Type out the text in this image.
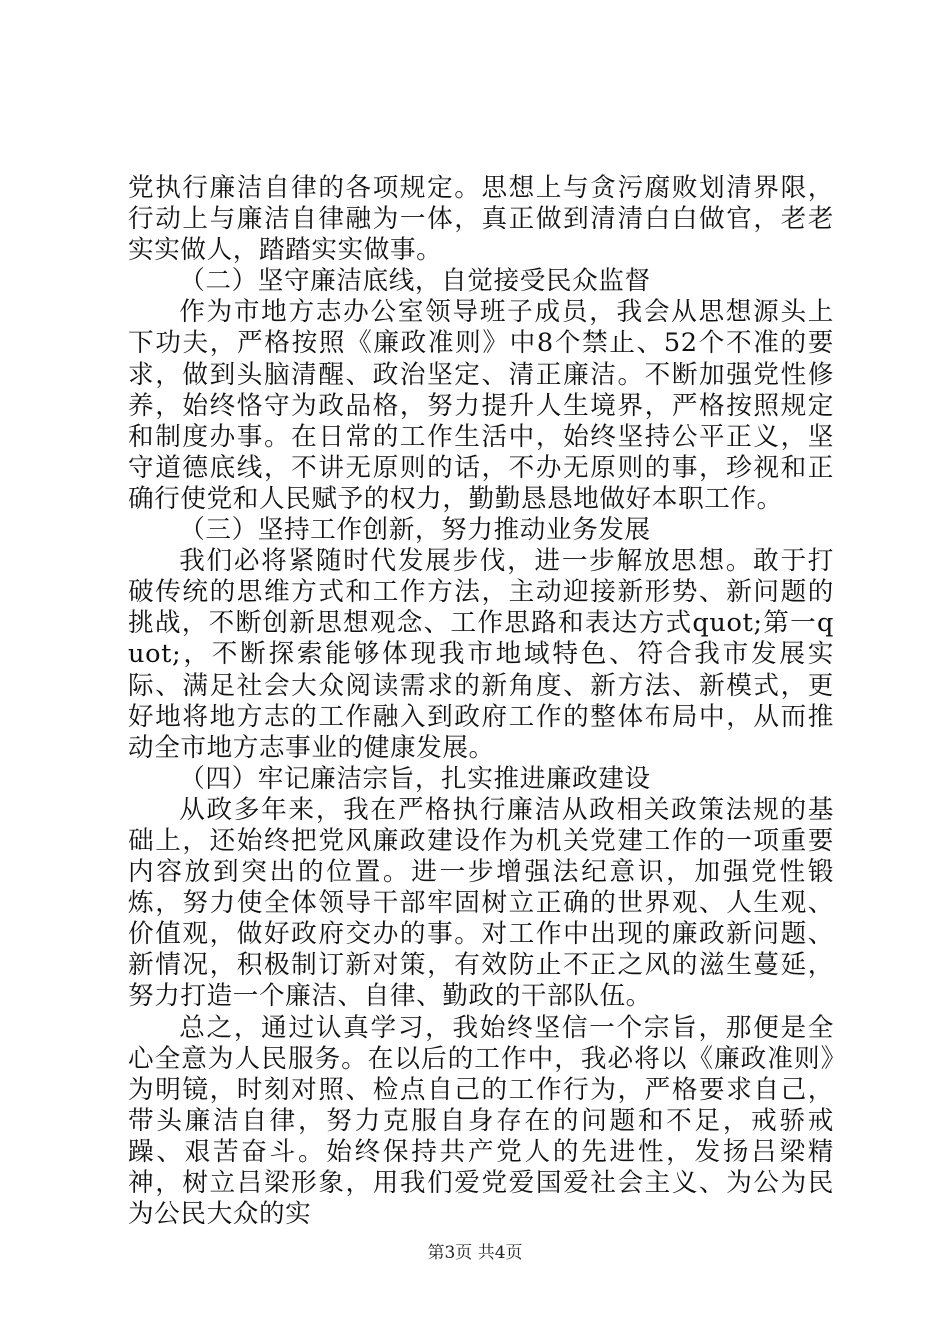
党执行廉洁自律的各项规定。思想上与贪污腐败划清界限，行动上与廉洁自律融为一体，真正做到清清白白做官，老老实实做人，踏踏实实做事。

（二）坚守廉洁底线，自觉接受民众监督

作为市地方志办公室领导班子成员，我会从思想源头上下功夫，严格按照《廉政准则》中8个禁止、52个不准的要求，做到头脑清醒、政治坚定、清正廉洁。不断加强党性修养，始终恪守为政品格，努力提升人生境界，严格按照规定和制度办事。在日常的工作生活中，始终坚持公平正义，坚守道德底线，不讲无原则的话，不办无原则的事，珍视和正确行使党和人民赋予的权力，勤勤恳恳地做好本职工作。

（三）坚持工作创新，努力推动业务发展

我们必将紧随时代发展步伐，进一步解放思想。敢于打破传统的思维方式和工作方法，主动迎接新形势、新问题的挑战，不断创新思想观念、工作思路和表达方式quot;第一quot;，不断探索能够体现我市地域特色、符合我市发展实际、满足社会大众阅读需求的新角度、新方法、新模式，更好地将地方志的工作融入到政府工作的整体布局中，从而推动全市地方志事业的健康发展。

（四）牢记廉洁宗旨，扎实推进廉政建设

从政多年来，我在严格执行廉洁从政相关政策法规的基础上，还始终把党风廉政建设作为机关党建工作的一项重要内容放到突出的位置。进一步增强法纪意识，加强党性锻炼，努力使全体领导干部牢固树立正确的世界观、人生观、价值观，做好政府交办的事。对工作中出现的廉政新问题、新情况，积极制订新对策，有效防止不正之风的滋生蔓延，努力打造一个廉洁、自律、勤政的干部队伍。

总之，通过认真学习，我始终坚信一个宗旨，那便是全心全意为人民服务。在以后的工作中，我必将以《廉政准则》为明镜，时刻对照、检点自己的工作行为，严格要求自己，带头廉洁自律，努力克服自身存在的问题和不足，戒骄戒躁、艰苦奋斗。始终保持共产党人的先进性，发扬吕梁精神，树立吕梁形象，用我们爱党爱国爱社会主义、为公为民为公民大众的实

第3页 共4页
